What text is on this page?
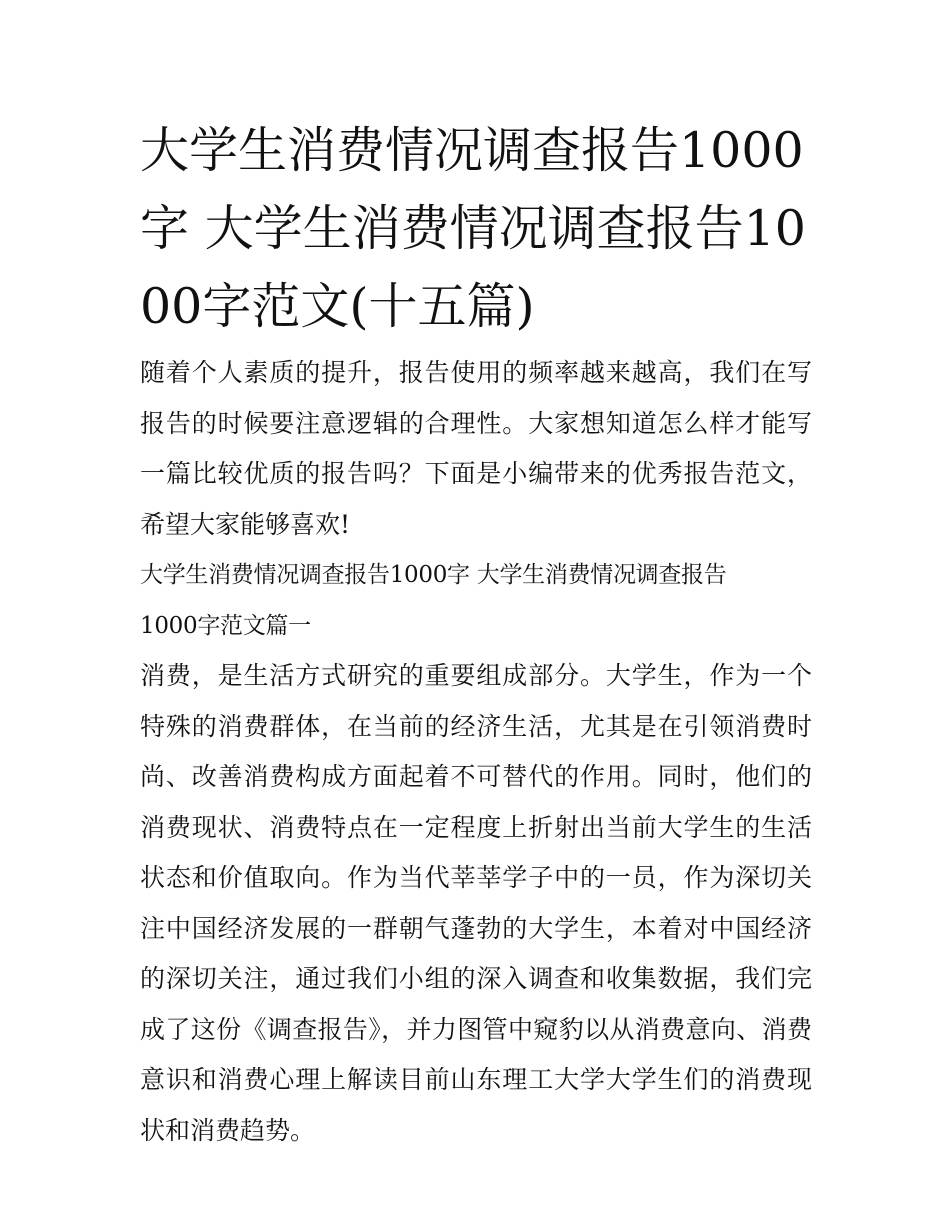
大学生消费情况调查报告1000字 大学生消费情况调查报告1000字范文(十五篇)

随着个人素质的提升，报告使用的频率越来越高，我们在写报告的时候要注意逻辑的合理性。大家想知道怎么样才能写一篇比较优质的报告吗？下面是小编带来的优秀报告范文，希望大家能够喜欢!

大学生消费情况调查报告1000字 大学生消费情况调查报告
1000字范文篇一

消费，是生活方式研究的重要组成部分。大学生，作为一个特殊的消费群体，在当前的经济生活，尤其是在引领消费时尚、改善消费构成方面起着不可替代的作用。同时，他们的消费现状、消费特点在一定程度上折射出当前大学生的生活状态和价值取向。作为当代莘莘学子中的一员，作为深切关注中国经济发展的一群朝气蓬勃的大学生，本着对中国经济的深切关注，通过我们小组的深入调查和收集数据，我们完成了这份《调查报告》，并力图管中窥豹以从消费意向、消费意识和消费心理上解读目前山东理工大学大学生们的消费现状和消费趋势。
